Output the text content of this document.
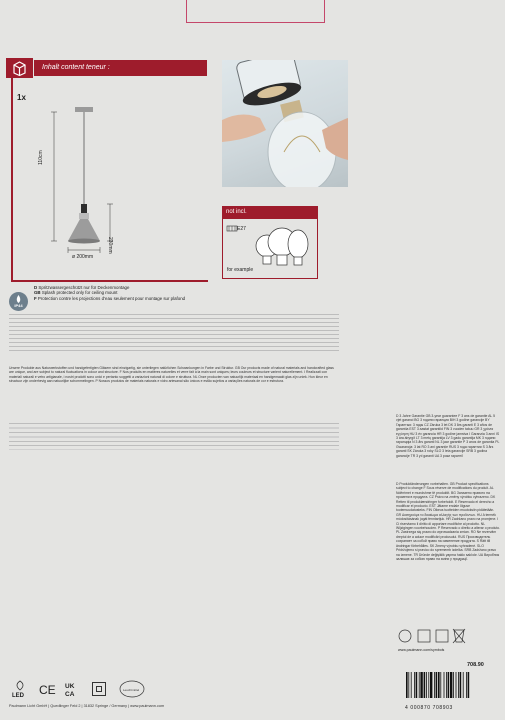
Inhalt content teneur :
1x
110cm
230mm
ø 200mm
not incl.
E27
for example
IP44
D Spritzwassergeschützt nur für Deckenmontage
GB Splash protected only for ceiling mount
F Protection contre les projections d’eau seulement pour montage sur plafond
Unsere Produkte aus Naturwerkstoffen und handgefertigten Gläsern sind einzigartig, sie unterliegen natürlichen Schwankungen in Farbe und Struktur. GB Our products made of natural materials and handcrafted glass are unique, and are subject to natural fluctuations in colour and structure. F Nos produits en matières naturelles et verre fait à la main sont uniques; leurs couleurs et structure varient naturellement. I Realizzati con materiali naturali e vetro artigianale, i nostri prodotti sono unici e pertanto soggetti a variazioni naturali di colore e struttura. NL Onze producten van natuurlijk materiaal en handgemaakt glas zijn uniek. Hun kleur en structuur zijn onderhevig aan natuurlijke schommelingen. P Nossos produtos de materiais naturais e vidro artesanal são únicos e estão sujeitos a variações naturais de cor e estrutura.
D 3 Jahre Garantie GB 3-year guarantee F 3 ans de garantie AL 5 vjet garanci BG 3 години гаранция BIH 3 godine garancije BY Гарантыя: 3 гады CZ Záruka 3 let DK 3 års garanti E 3 años de garantía EST 3 aastat garantiid FIN 3 vuoden takuu GR 3 χρόνια εγγύηση HU 3 év garancia HR 3 godine jamstva I Garanzia 3 anni IS 3 ára ábyrgð LT 3 metų garantija LV 3 gadu garantija MK 3 години гаранција N 3 års garanti NL 3 jaar garantie P 3 anos de garantia PL Gwarancja: 3 lat RO 3 ani garanție RUS 3 года гарантии S 3 års garanti SK Záruka 3 roky SLO 3 leta garancije SRB 3 godina garancije TR 3 yıl garanti UA 3 роки гарантії
D Produktänderungen vorbehalten. GB Product specifications subject to change F Sous réserve de modifications du produit. AL Ndërrimet e mundshme të produktit. BG Запазено правото на промени в продукта. CZ Právo na změny výrobku vyhrazeno. DK Retten til produktændringer forbeholdt. E Reservado el derecho a modificar el producto. EST Jätame endale õiguse tootemuudatusteks. FIN Oikeus tuotteiden muutoksiin pidätetään. GR Διατηρούμε το δικαίωμα αλλαγής των προϊόντων. HU A termék módosításának jogát fenntartjuk. HR Zadržano pravo na promjene. I Ci riserviamo il diritto di apportare modifiche al prodotto. NL Wijzigingen voorbehouden. P Reservado o direito a alterar o produto. PL Zastrzega się prawo do wprowadzania zmian. RO Ne rezervăm dreptul de a aduce modificări produsului. RUS Производитель сохраняет за собой право на изменение продукта. S Rätt till ändringar förbehålles. SK Zmeny výrobku vyhradené. SLO Pridržujemo si pravico do sprememb izdelka. SRB Zadržano pravo na izmene. TR Üründe değişiklik yapma hakkı saklıdır. UA Виробник залишає за собою право на зміни у продукції.
www.paulmann.com/symbols
708.90
4 000870 708903
LED CE UK
CA
Leuchtmittel
Paulmann Licht GmbH | Quedlinger Feld 2 | 31832 Springe / Germany | www.paulmann.com
